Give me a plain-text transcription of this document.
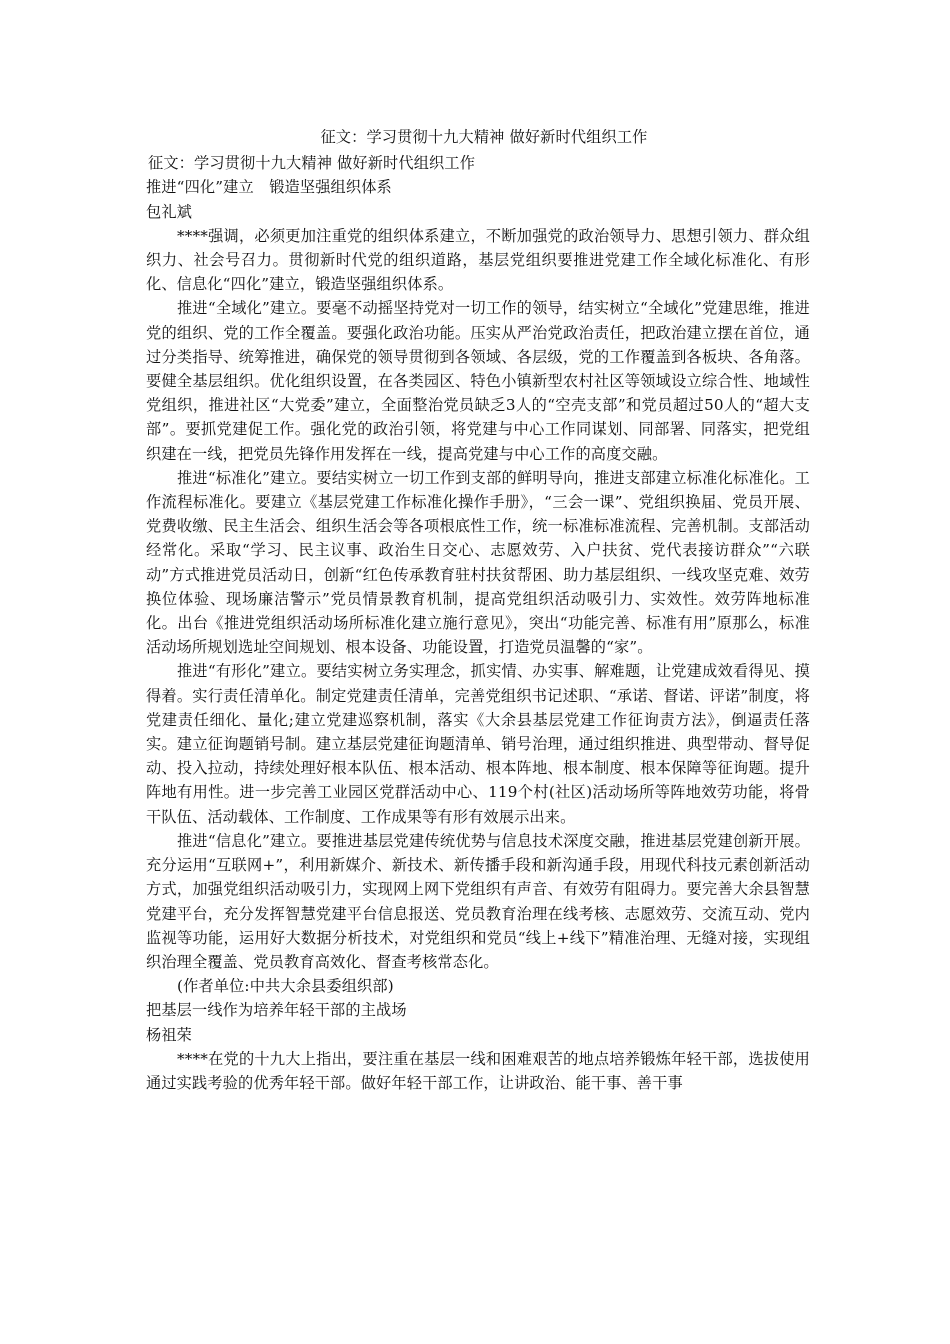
征文：学习贯彻十九大精神 做好新时代组织工作
征文：学习贯彻十九大精神 做好新时代组织工作
推进“四化”建立　锻造坚强组织体系
包礼斌

****强调，必须更加注重党的组织体系建立，不断加强党的政治领导力、思想引领力、群众组织力、社会号召力。贯彻新时代党的组织道路，基层党组织要推进党建工作全域化标准化、有形化、信息化“四化”建立，锻造坚强组织体系。

推进“全域化”建立。要毫不动摇坚持党对一切工作的领导，结实树立“全域化”党建思维，推进党的组织、党的工作全覆盖。要强化政治功能。压实从严治党政治责任，把政治建立摆在首位，通过分类指导、统筹推进，确保党的领导贯彻到各领域、各层级，党的工作覆盖到各板块、各角落。要健全基层组织。优化组织设置，在各类园区、特色小镇新型农村社区等领域设立综合性、地域性党组织，推进社区“大党委”建立，全面整治党员缺乏3人的“空壳支部”和党员超过50人的“超大支部”。要抓党建促工作。强化党的政治引领，将党建与中心工作同谋划、同部署、同落实，把党组织建在一线，把党员先锋作用发挥在一线，提高党建与中心工作的高度交融。

推进“标准化”建立。要结实树立一切工作到支部的鲜明导向，推进支部建立标准化标准化。工作流程标准化。要建立《基层党建工作标准化操作手册》，“三会一课”、党组织换届、党员开展、党费收缴、民主生活会、组织生活会等各项根底性工作，统一标准标准流程、完善机制。支部活动经常化。采取“学习、民主议事、政治生日交心、志愿效劳、入户扶贫、党代表接访群众”“六联动”方式推进党员活动日，创新“红色传承教育驻村扶贫帮困、助力基层组织、一线攻坚克难、效劳换位体验、现场廉洁警示”党员情景教育机制，提高党组织活动吸引力、实效性。效劳阵地标准化。出台《推进党组织活动场所标准化建立施行意见》，突出“功能完善、标准有用”原那么，标准活动场所规划选址空间规划、根本设备、功能设置，打造党员温馨的“家”。

推进“有形化”建立。要结实树立务实理念，抓实情、办实事、解难题，让党建成效看得见、摸得着。实行责任清单化。制定党建责任清单，完善党组织书记述职、“承诺、督诺、评诺”制度，将党建责任细化、量化;建立党建巡察机制，落实《大余县基层党建工作征询责方法》，倒逼责任落实。建立征询题销号制。建立基层党建征询题清单、销号治理，通过组织推进、典型带动、督导促动、投入拉动，持续处理好根本队伍、根本活动、根本阵地、根本制度、根本保障等征询题。提升阵地有用性。进一步完善工业园区党群活动中心、119个村(社区)活动场所等阵地效劳功能，将骨干队伍、活动载体、工作制度、工作成果等有形有效展示出来。

推进“信息化”建立。要推进基层党建传统优势与信息技术深度交融，推进基层党建创新开展。充分运用“互联网+”，利用新媒介、新技术、新传播手段和新沟通手段，用现代科技元素创新活动方式，加强党组织活动吸引力，实现网上网下党组织有声音、有效劳有阻碍力。要完善大余县智慧党建平台，充分发挥智慧党建平台信息报送、党员教育治理在线考核、志愿效劳、交流互动、党内监视等功能，运用好大数据分析技术，对党组织和党员“线上+线下”精准治理、无缝对接，实现组织治理全覆盖、党员教育高效化、督查考核常态化。

(作者单位:中共大余县委组织部)

把基层一线作为培养年轻干部的主战场
杨祖荣

****在党的十九大上指出，要注重在基层一线和困难艰苦的地点培养锻炼年轻干部，选拔使用通过实践考验的优秀年轻干部。做好年轻干部工作，让讲政治、能干事、善干事
